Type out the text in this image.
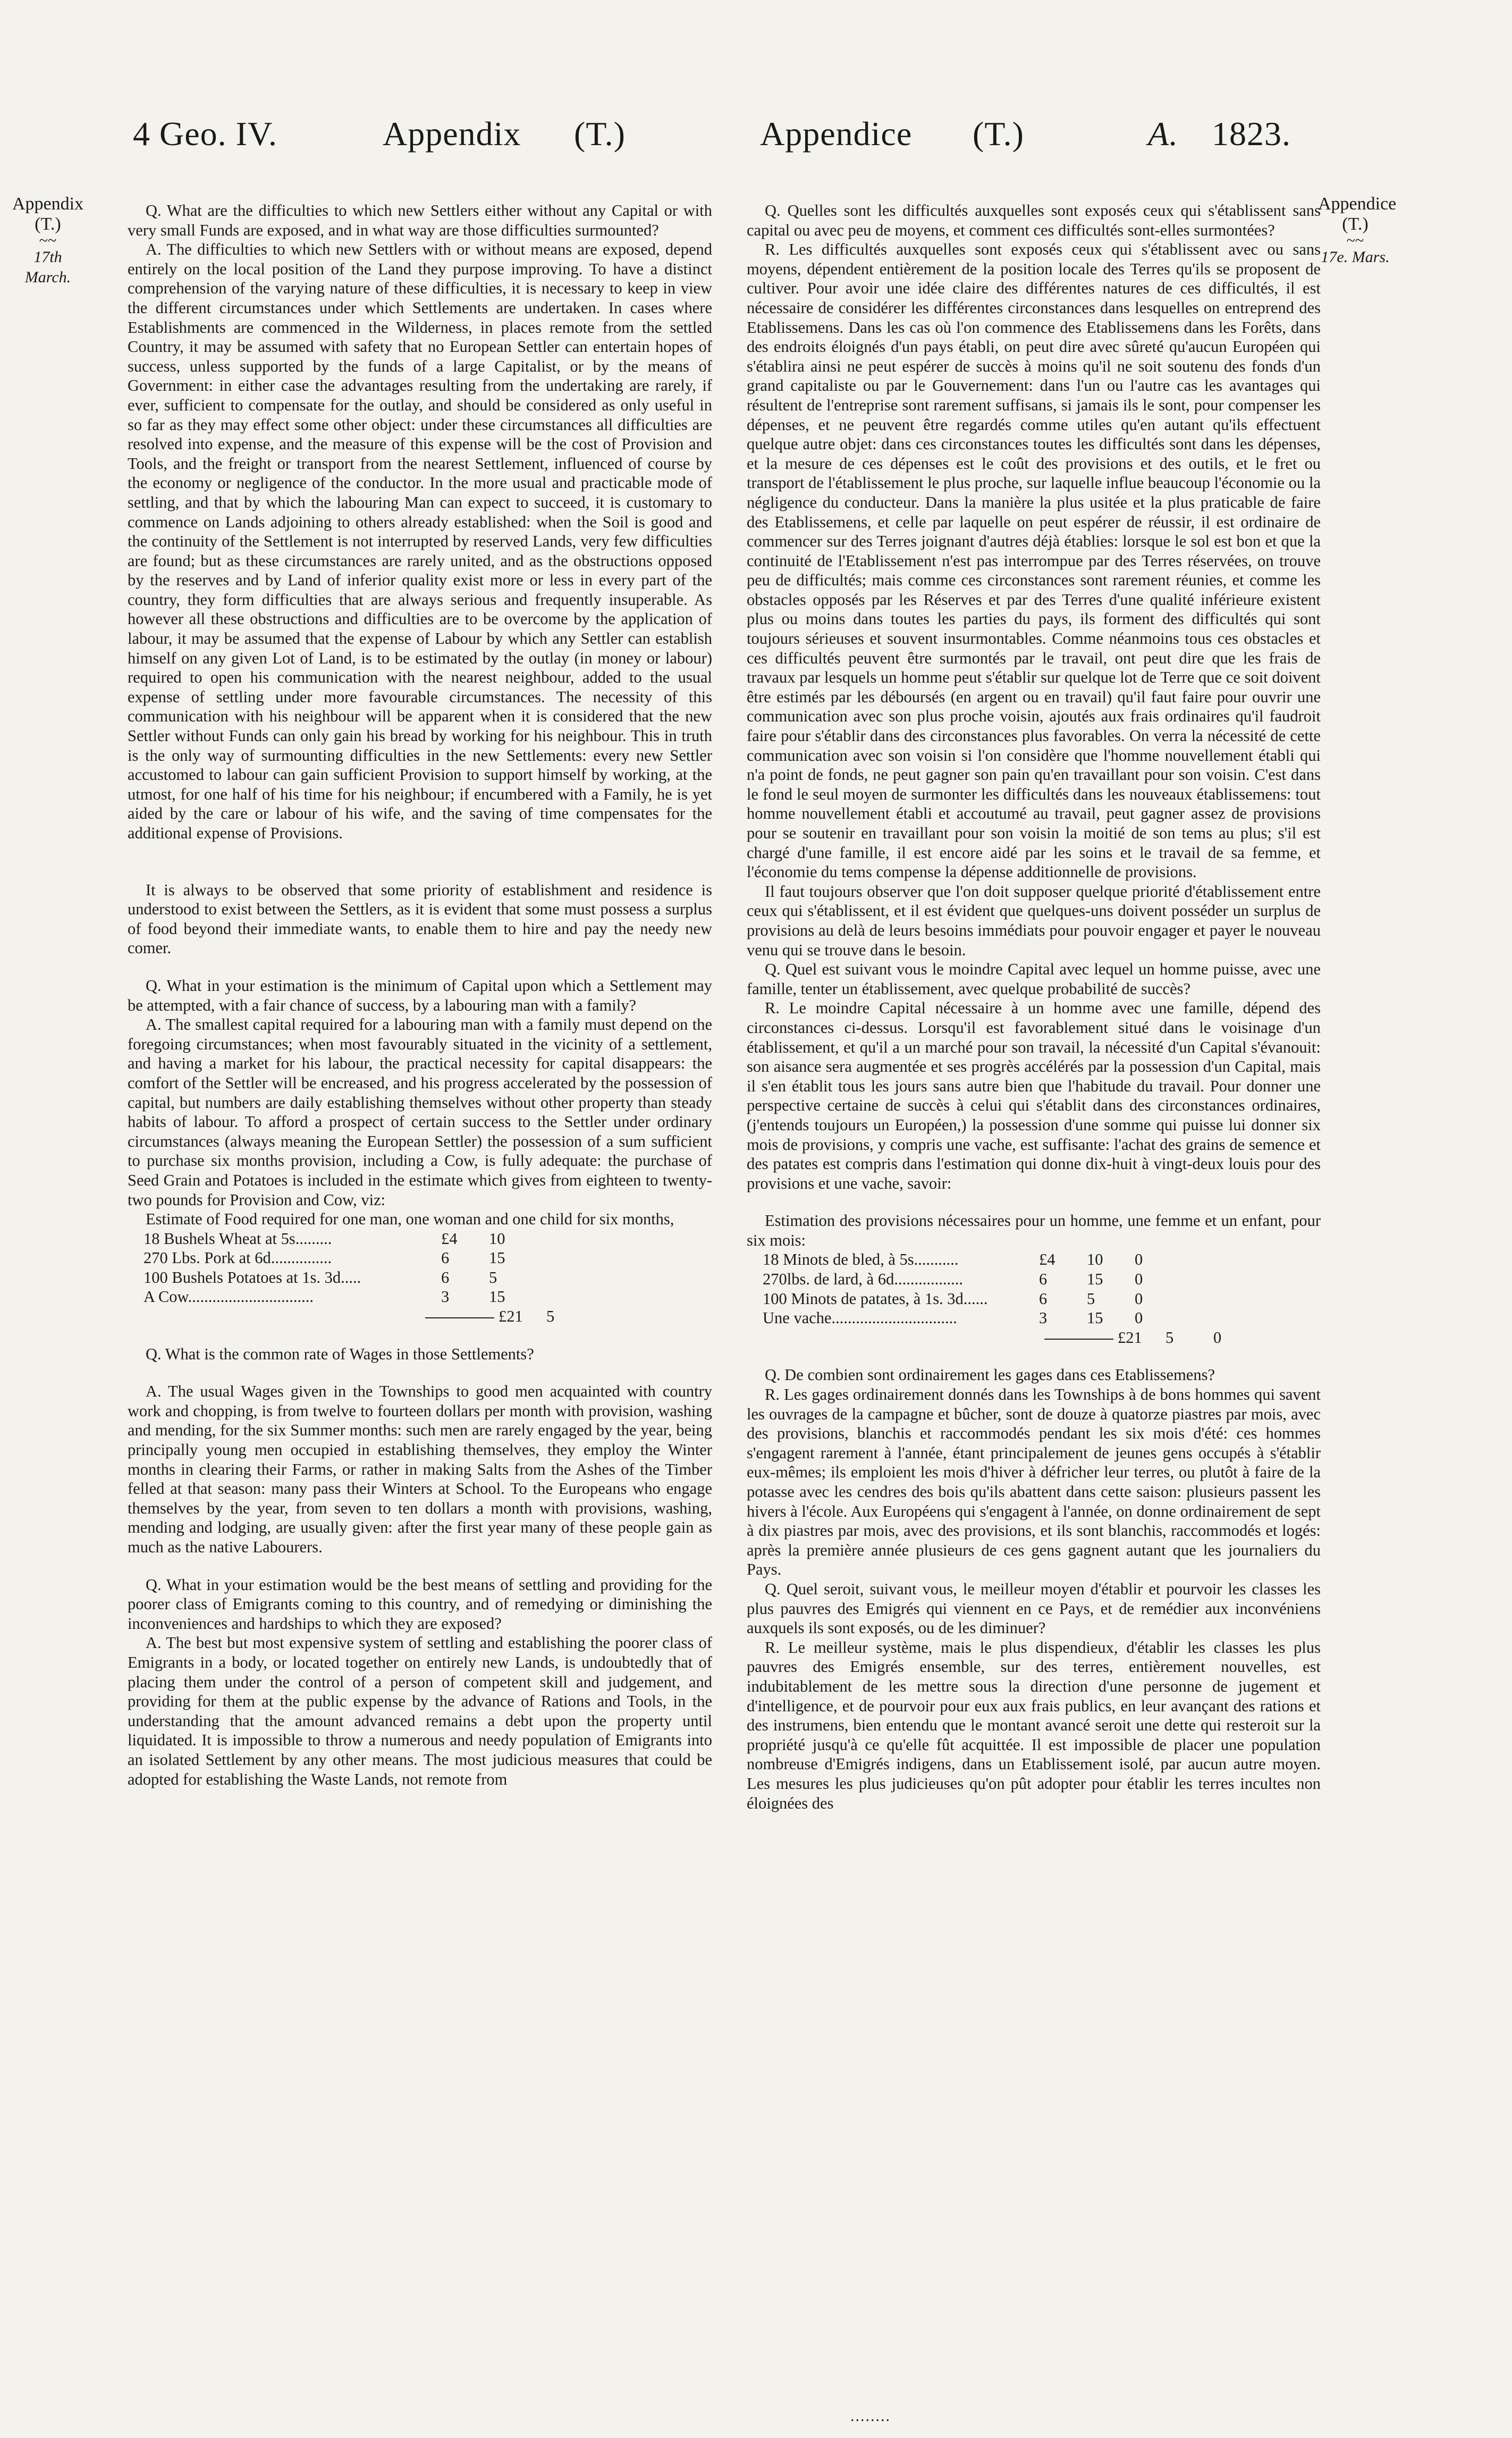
4 Geo. IV.	Appendix (T.)	Appendice (T.)	A. 1823.
Appendix
(T.)
~~
17th March.
Appendice
(T.)
~~
17e. Mars.

Q. What are the difficulties to which new Settlers either without any Capital or with very small Funds are exposed, and in what way are those difficulties surmounted?

A. The difficulties to which new Settlers with or without means are exposed, depend entirely on the local position of the Land they purpose improving. To have a distinct comprehension of the varying nature of these difficulties, it is necessary to keep in view the different circumstances under which Settlements are undertaken. In cases where Establishments are commenced in the Wilderness, in places remote from the settled Country, it may be assumed with safety that no European Settler can entertain hopes of success, unless supported by the funds of a large Capitalist, or by the means of Government: in either case the advantages resulting from the undertaking are rarely, if ever, sufficient to compensate for the outlay, and should be considered as only useful in so far as they may effect some other object: under these circumstances all difficulties are resolved into expense, and the measure of this expense will be the cost of Provision and Tools, and the freight or transport from the nearest Settlement, influenced of course by the economy or negligence of the conductor. In the more usual and practicable mode of settling, and that by which the labouring Man can expect to succeed, it is customary to commence on Lands adjoining to others already established: when the Soil is good and the continuity of the Settlement is not interrupted by reserved Lands, very few difficulties are found; but as these circumstances are rarely united, and as the obstructions opposed by the reserves and by Land of inferior quality exist more or less in every part of the country, they form difficulties that are always serious and frequently insuperable. As however all these obstructions and difficulties are to be overcome by the application of labour, it may be assumed that the expense of Labour by which any Settler can establish himself on any given Lot of Land, is to be estimated by the outlay (in money or labour) required to open his communication with the nearest neighbour, added to the usual expense of settling under more favourable circumstances. The necessity of this communication with his neighbour will be apparent when it is considered that the new Settler without Funds can only gain his bread by working for his neighbour. This in truth is the only way of surmounting difficulties in the new Settlements: every new Settler accustomed to labour can gain sufficient Provision to support himself by working, at the utmost, for one half of his time for his neighbour; if encumbered with a Family, he is yet aided by the care or labour of his wife, and the saving of time compensates for the additional expense of Provisions.

It is always to be observed that some priority of establishment and residence is understood to exist between the Settlers, as it is evident that some must possess a surplus of food beyond their immediate wants, to enable them to hire and pay the needy new comer.

Q. What in your estimation is the minimum of Capital upon which a Settlement may be attempted, with a fair chance of success, by a labouring man with a family?

A. The smallest capital required for a labouring man with a family must depend on the foregoing circumstances; when most favourably situated in the vicinity of a settlement, and having a market for his labour, the practical necessity for capital disappears: the comfort of the Settler will be encreased, and his progress accelerated by the possession of capital, but numbers are daily establishing themselves without other property than steady habits of labour. To afford a prospect of certain success to the Settler under ordinary circumstances (always meaning the European Settler) the possession of a sum sufficient to purchase six months provision, including a Cow, is fully adequate: the purchase of Seed Grain and Potatoes is included in the estimate which gives from eighteen to twenty-two pounds for Provision and Cow, viz:

Estimate of Food required for one man, one woman and one child for six months,

18 Bushels Wheat at 5s.........	£4	10
270 Lbs. Pork at 6d...............	6	15
100 Bushels Potatoes at 1s. 3d.....	6	5
A Cow...............................	3	15
£21 5

Q. What is the common rate of Wages in those Settlements?

A. The usual Wages given in the Townships to good men acquainted with country work and chopping, is from twelve to fourteen dollars per month with provision, washing and mending, for the six Summer months: such men are rarely engaged by the year, being principally young men occupied in establishing themselves, they employ the Winter months in clearing their Farms, or rather in making Salts from the Ashes of the Timber felled at that season: many pass their Winters at School. To the Europeans who engage themselves by the year, from seven to ten dollars a month with provisions, washing, mending and lodging, are usually given: after the first year many of these people gain as much as the native Labourers.

Q. What in your estimation would be the best means of settling and providing for the poorer class of Emigrants coming to this country, and of remedying or diminishing the inconveniences and hardships to which they are exposed?

A. The best but most expensive system of settling and establishing the poorer class of Emigrants in a body, or located together on entirely new Lands, is undoubtedly that of placing them under the control of a person of competent skill and judgement, and providing for them at the public expense by the advance of Rations and Tools, in the understanding that the amount advanced remains a debt upon the property until liquidated. It is impossible to throw a numerous and needy population of Emigrants into an isolated Settlement by any other means. The most judicious measures that could be adopted for establishing the Waste Lands, not remote from

Q. Quelles sont les difficultés auxquelles sont exposés ceux qui s'établissent sans capital ou avec peu de moyens, et comment ces difficultés sont-elles surmontées?

R. Les difficultés auxquelles sont exposés ceux qui s'établissent avec ou sans moyens, dépendent entièrement de la position locale des Terres qu'ils se proposent de cultiver. Pour avoir une idée claire des différentes natures de ces difficultés, il est nécessaire de considérer les différentes circonstances dans lesquelles on entreprend des Etablissemens. Dans les cas où l'on commence des Etablissemens dans les Forêts, dans des endroits éloignés d'un pays établi, on peut dire avec sûreté qu'aucun Européen qui s'établira ainsi ne peut espérer de succès à moins qu'il ne soit soutenu des fonds d'un grand capitaliste ou par le Gouvernement: dans l'un ou l'autre cas les avantages qui résultent de l'entreprise sont rarement suffisans, si jamais ils le sont, pour compenser les dépenses, et ne peuvent être regardés comme utiles qu'en autant qu'ils effectuent quelque autre objet: dans ces circonstances toutes les difficultés sont dans les dépenses, et la mesure de ces dépenses est le coût des provisions et des outils, et le fret ou transport de l'établissement le plus proche, sur laquelle influe beaucoup l'économie ou la négligence du conducteur. Dans la manière la plus usitée et la plus praticable de faire des Etablissemens, et celle par laquelle on peut espérer de réussir, il est ordinaire de commencer sur des Terres joignant d'autres déjà établies: lorsque le sol est bon et que la continuité de l'Etablissement n'est pas interrompue par des Terres réservées, on trouve peu de difficultés; mais comme ces circonstances sont rarement réunies, et comme les obstacles opposés par les Réserves et par des Terres d'une qualité inférieure existent plus ou moins dans toutes les parties du pays, ils forment des difficultés qui sont toujours sérieuses et souvent insurmontables. Comme néanmoins tous ces obstacles et ces difficultés peuvent être surmontés par le travail, ont peut dire que les frais de travaux par lesquels un homme peut s'établir sur quelque lot de Terre que ce soit doivent être estimés par les déboursés (en argent ou en travail) qu'il faut faire pour ouvrir une communication avec son plus proche voisin, ajoutés aux frais ordinaires qu'il faudroit faire pour s'établir dans des circonstances plus favorables. On verra la nécessité de cette communication avec son voisin si l'on considère que l'homme nouvellement établi qui n'a point de fonds, ne peut gagner son pain qu'en travaillant pour son voisin. C'est dans le fond le seul moyen de surmonter les difficultés dans les nouveaux établissemens: tout homme nouvellement établi et accoutumé au travail, peut gagner assez de provisions pour se soutenir en travaillant pour son voisin la moitié de son tems au plus; s'il est chargé d'une famille, il est encore aidé par les soins et le travail de sa femme, et l'économie du tems compense la dépense additionnelle de provisions.

Il faut toujours observer que l'on doit supposer quelque priorité d'établissement entre ceux qui s'établissent, et il est évident que quelques-uns doivent posséder un surplus de provisions au delà de leurs besoins immédiats pour pouvoir engager et payer le nouveau venu qui se trouve dans le besoin.

Q. Quel est suivant vous le moindre Capital avec lequel un homme puisse, avec une famille, tenter un établissement, avec quelque probabilité de succès?

R. Le moindre Capital nécessaire à un homme avec une famille, dépend des circonstances ci-dessus. Lorsqu'il est favorablement situé dans le voisinage d'un établissement, et qu'il a un marché pour son travail, la nécessité d'un Capital s'évanouit: son aisance sera augmentée et ses progrès accélérés par la possession d'un Capital, mais il s'en établit tous les jours sans autre bien que l'habitude du travail. Pour donner une perspective certaine de succès à celui qui s'établit dans des circonstances ordinaires, (j'entends toujours un Européen,) la possession d'une somme qui puisse lui donner six mois de provisions, y compris une vache, est suffisante: l'achat des grains de semence et des patates est compris dans l'estimation qui donne dix-huit à vingt-deux louis pour des provisions et une vache, savoir:

Estimation des provisions nécessaires pour un homme, une femme et un enfant, pour six mois:

18 Minots de bled, à 5s...........	£4	10	0
270lbs. de lard, à 6d.................	6	15	0
100 Minots de patates, à 1s. 3d......	6	5	0
Une vache...............................	3	15	0
£21 5 0

Q. De combien sont ordinairement les gages dans ces Etablissemens?

R. Les gages ordinairement donnés dans les Townships à de bons hommes qui savent les ouvrages de la campagne et bûcher, sont de douze à quatorze piastres par mois, avec des provisions, blanchis et raccommodés pendant les six mois d'été: ces hommes s'engagent rarement à l'année, étant principalement de jeunes gens occupés à s'établir eux-mêmes; ils emploient les mois d'hiver à défricher leur terres, ou plutôt à faire de la potasse avec les cendres des bois qu'ils abattent dans cette saison: plusieurs passent les hivers à l'école. Aux Européens qui s'engagent à l'année, on donne ordinairement de sept à dix piastres par mois, avec des provisions, et ils sont blanchis, raccommodés et logés: après la première année plusieurs de ces gens gagnent autant que les journaliers du Pays.

Q. Quel seroit, suivant vous, le meilleur moyen d'établir et pourvoir les classes les plus pauvres des Emigrés qui viennent en ce Pays, et de remédier aux inconvéniens auxquels ils sont exposés, ou de les diminuer?

R. Le meilleur système, mais le plus dispendieux, d'établir les classes les plus pauvres des Emigrés ensemble, sur des terres, entièrement nouvelles, est indubitablement de les mettre sous la direction d'une personne de jugement et d'intelligence, et de pourvoir pour eux aux frais publics, en leur avançant des rations et des instrumens, bien entendu que le montant avancé seroit une dette qui resteroit sur la propriété jusqu'à ce qu'elle fût acquittée. Il est impossible de placer une population nombreuse d'Emigrés indigens, dans un Etablissement isolé, par aucun autre moyen. Les mesures les plus judicieuses qu'on pût adopter pour établir les terres incultes non éloignées des

........
